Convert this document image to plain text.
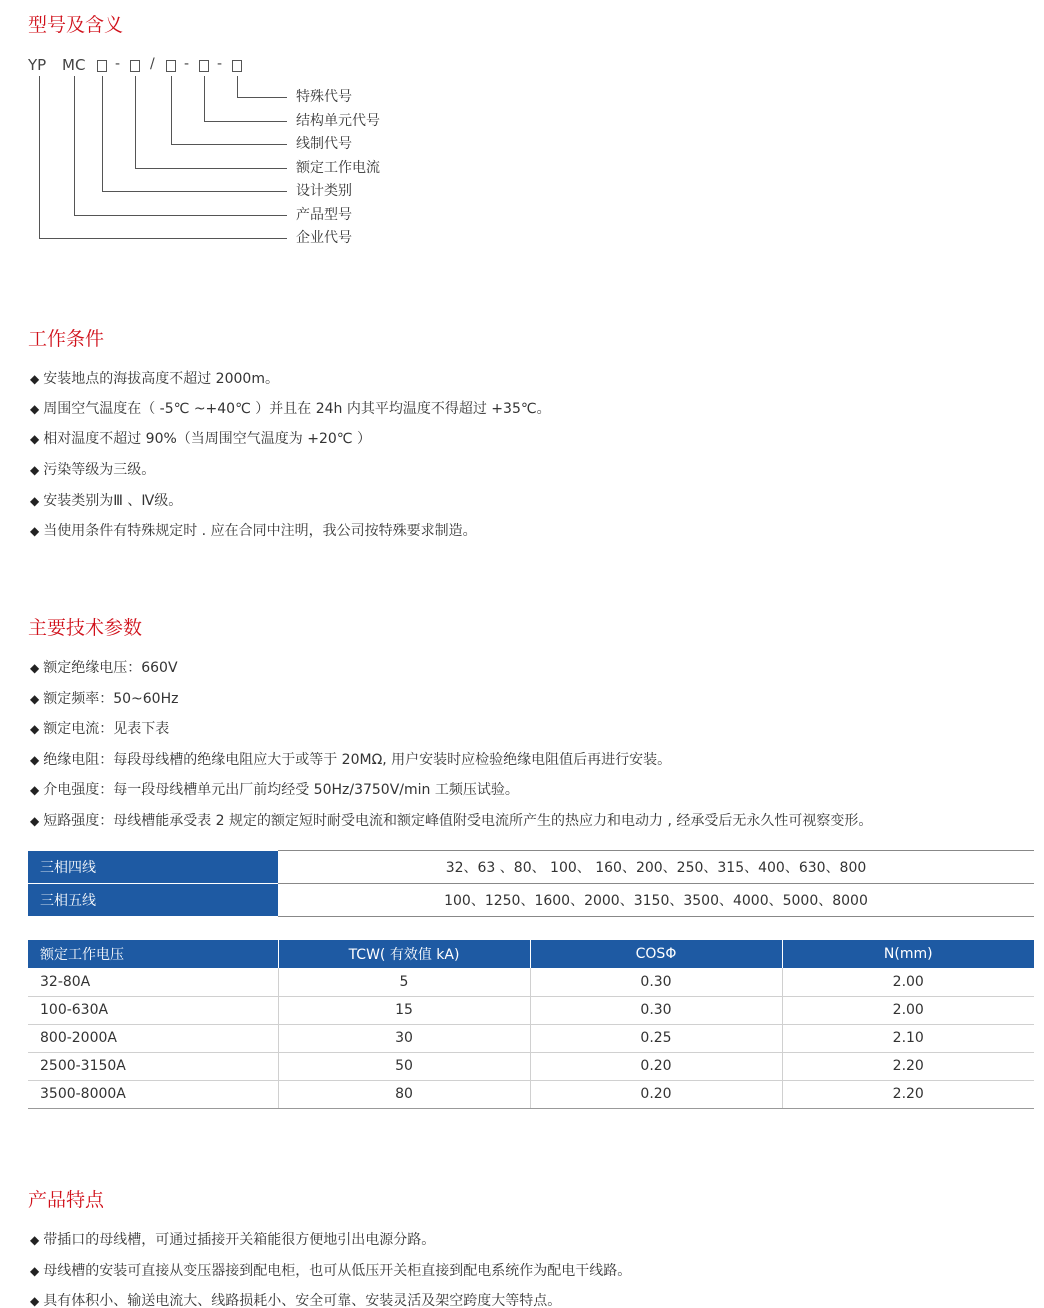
型号及含义
YP MC - / - -
特殊代号
结构单元代号
线制代号
额定工作电流
设计类别
产品型号
企业代号
工作条件
◆ 安装地点的海拔高度不超过 2000m。
◆ 周围空气温度在（ -5℃ ~+40℃ ）并且在 24h 内其平均温度不得超过 +35℃。
◆ 相对温度不超过 90%（当周围空气温度为 +20℃ ）
◆ 污染等级为三级。
◆ 安装类别为Ⅲ 、Ⅳ级。
◆ 当使用条件有特殊规定时 . 应在合同中注明，我公司按特殊要求制造。
主要技术参数
◆ 额定绝缘电压：660V
◆ 额定频率：50~60Hz
◆ 额定电流：见表下表
◆ 绝缘电阻：每段母线槽的绝缘电阻应大于或等于 20MΩ, 用户安装时应检验绝缘电阻值后再进行安装。
◆ 介电强度：每一段母线槽单元出厂前均经受 50Hz/3750V/min 工频压试验。
◆ 短路强度：母线槽能承受表 2 规定的额定短时耐受电流和额定峰值附受电流所产生的热应力和电动力 , 经承受后无永久性可视察变形。
三相四线	32、63 、80、 100、 160、200、250、315、400、630、800
三相五线	100、1250、1600、2000、3150、3500、4000、5000、8000
额定工作电压	TCW( 有效值 kA)	COSΦ	N(mm)
32-80A	5	0.30	2.00
100-630A	15	0.30	2.00
800-2000A	30	0.25	2.10
2500-3150A	50	0.20	2.20
3500-8000A	80	0.20	2.20
产品特点
◆ 带插口的母线槽，可通过插接开关箱能很方便地引出电源分路。
◆ 母线槽的安装可直接从变压器接到配电柜，也可从低压开关柜直接到配电系统作为配电干线路。
◆ 具有体积小、输送电流大、线路损耗小、安全可靠、安装灵活及架空跨度大等特点。
